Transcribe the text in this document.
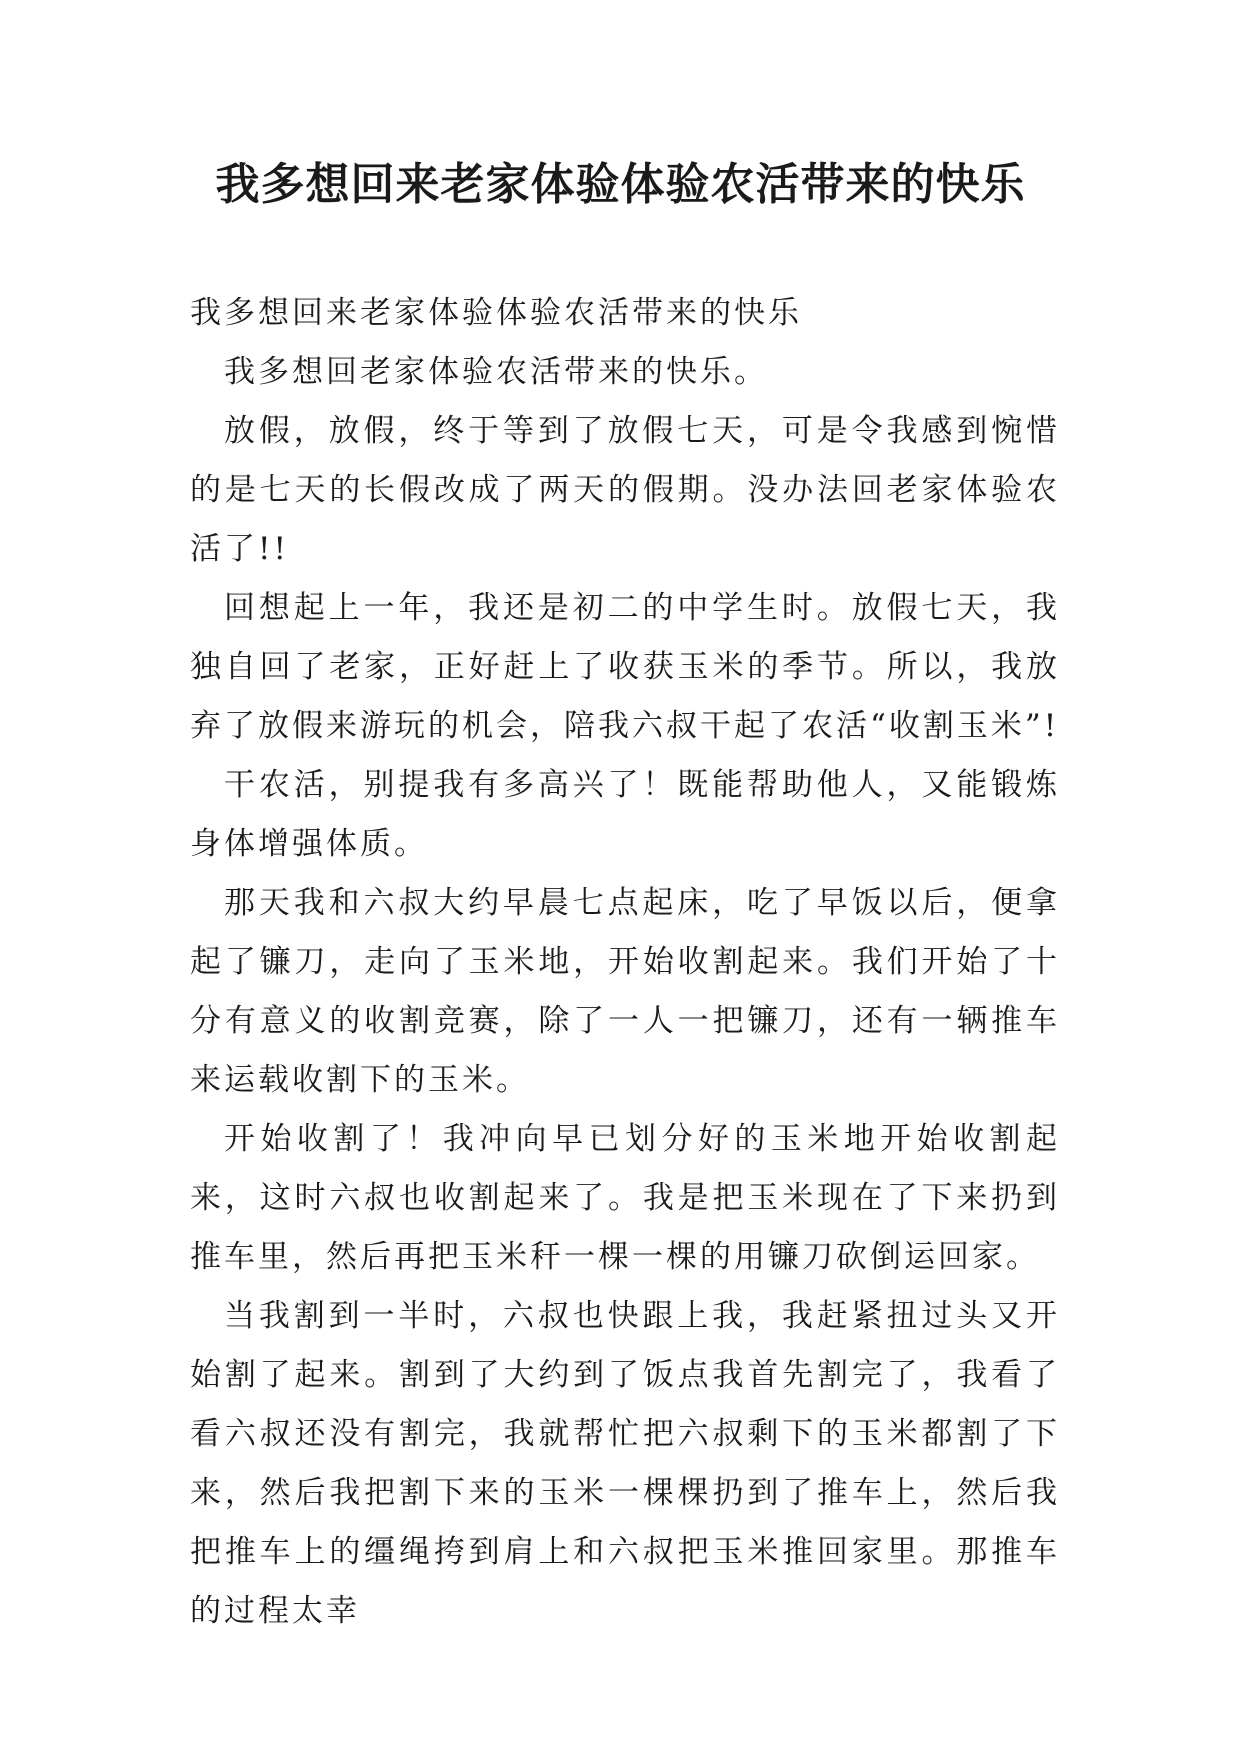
我多想回来老家体验体验农活带来的快乐

我多想回来老家体验体验农活带来的快乐

我多想回老家体验农活带来的快乐。

放假，放假，终于等到了放假七天，可是令我感到惋惜的是七天的长假改成了两天的假期。没办法回老家体验农活了!!

回想起上一年，我还是初二的中学生时。放假七天，我独自回了老家，正好赶上了收获玉米的季节。所以，我放弃了放假来游玩的机会，陪我六叔干起了农活“收割玉米”!

干农活，别提我有多高兴了！既能帮助他人，又能锻炼身体增强体质。

那天我和六叔大约早晨七点起床，吃了早饭以后，便拿起了镰刀，走向了玉米地，开始收割起来。我们开始了十分有意义的收割竞赛，除了一人一把镰刀，还有一辆推车来运载收割下的玉米。

开始收割了！我冲向早已划分好的玉米地开始收割起来，这时六叔也收割起来了。我是把玉米现在了下来扔到推车里，然后再把玉米秆一棵一棵的用镰刀砍倒运回家。

当我割到一半时，六叔也快跟上我，我赶紧扭过头又开始割了起来。割到了大约到了饭点我首先割完了，我看了看六叔还没有割完，我就帮忙把六叔剩下的玉米都割了下来，然后我把割下来的玉米一棵棵扔到了推车上，然后我把推车上的缰绳挎到肩上和六叔把玉米推回家里。那推车的过程太幸
